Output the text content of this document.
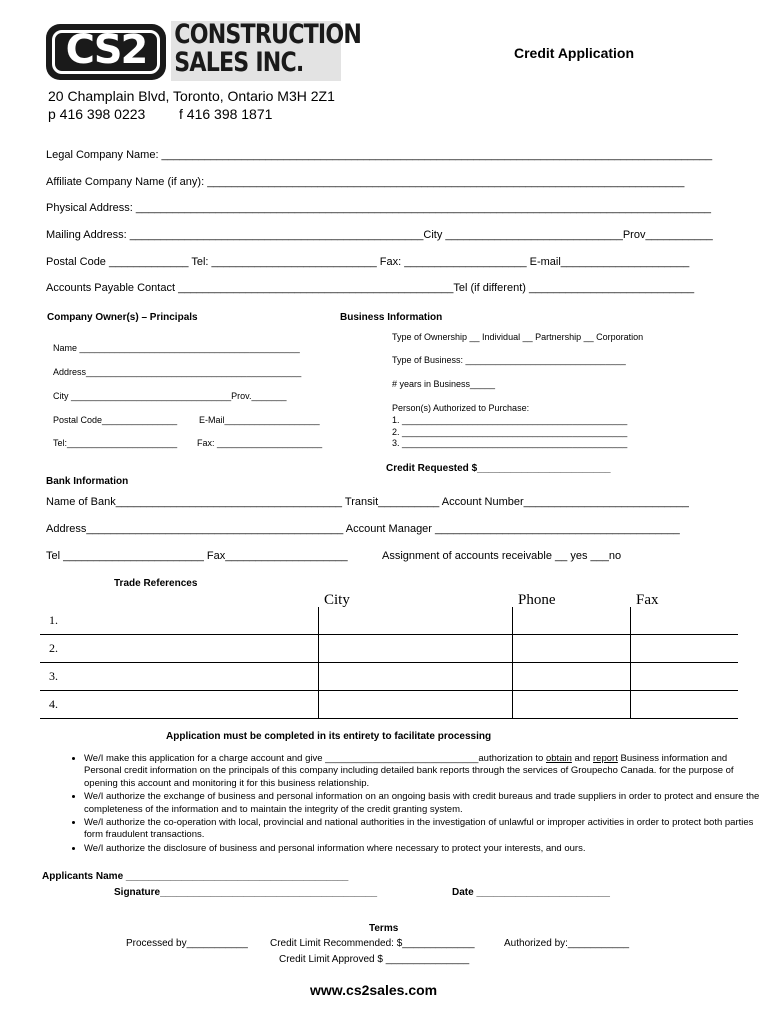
CS2	CONSTRUCTION
SALES INC.	Credit Application
20 Champlain Blvd, Toronto, Ontario M3H 2Z1
p 416 398 0223 f 416 398 1871
Legal Company Name: __________________________________________________________________________________________
Affiliate Company Name (if any): ______________________________________________________________________________
Physical Address: ______________________________________________________________________________________________
Mailing Address: ________________________________________________City _____________________________Prov___________
Postal Code _____________ Tel: ___________________________ Fax: ____________________ E-mail_____________________
Accounts Payable Contact _____________________________________________Tel (if different) ___________________________
Company Owner(s) – Principals
Name ____________________________________________
Address___________________________________________
City ________________________________Prov._______
Postal Code_______________ E-Mail___________________
Tel:______________________ Fax: _____________________
Business Information
Type of Ownership __ Individual __ Partnership __ Corporation
Type of Business: ________________________________
# years in Business_____
Person(s) Authorized to Purchase:
1. _____________________________________________
2. _____________________________________________
3. _____________________________________________
Credit Requested $________________________
Bank Information
Name of Bank_____________________________________ Transit__________ Account Number___________________________
Address__________________________________________ Account Manager ________________________________________
Tel _______________________ Fax____________________	Assignment of accounts receivable __ yes ___no
Trade References
City	Phone	Fax
1.			
2.			
3.			
4.			
Application must be completed in its entirety to facilitate processing
• We/I make this application for a charge account and give _____________________________authorization to obtain and report Business information and Personal credit information on the principals of this company including detailed bank reports through the services of Groupecho Canada. for the purpose of opening this account and monitoring it for this business relationship.
• We/I authorize the exchange of business and personal information on an ongoing basis with credit bureaus and trade suppliers in order to protect and ensure the completeness of the information and to maintain the integrity of the credit granting system.
• We/I authorize the co-operation with local, provincial and national authorities in the investigation of unlawful or improper activities in order to protect both parties form fraudulent transactions.
• We/I authorize the disclosure of business and personal information where necessary to protect your interests, and ours.
Applicants Name ________________________________________
Signature_______________________________________	Date ________________________
Terms
Processed by___________ Credit Limit Recommended: $_____________	Authorized by:___________
Credit Limit Approved $ _______________
www.cs2sales.com
